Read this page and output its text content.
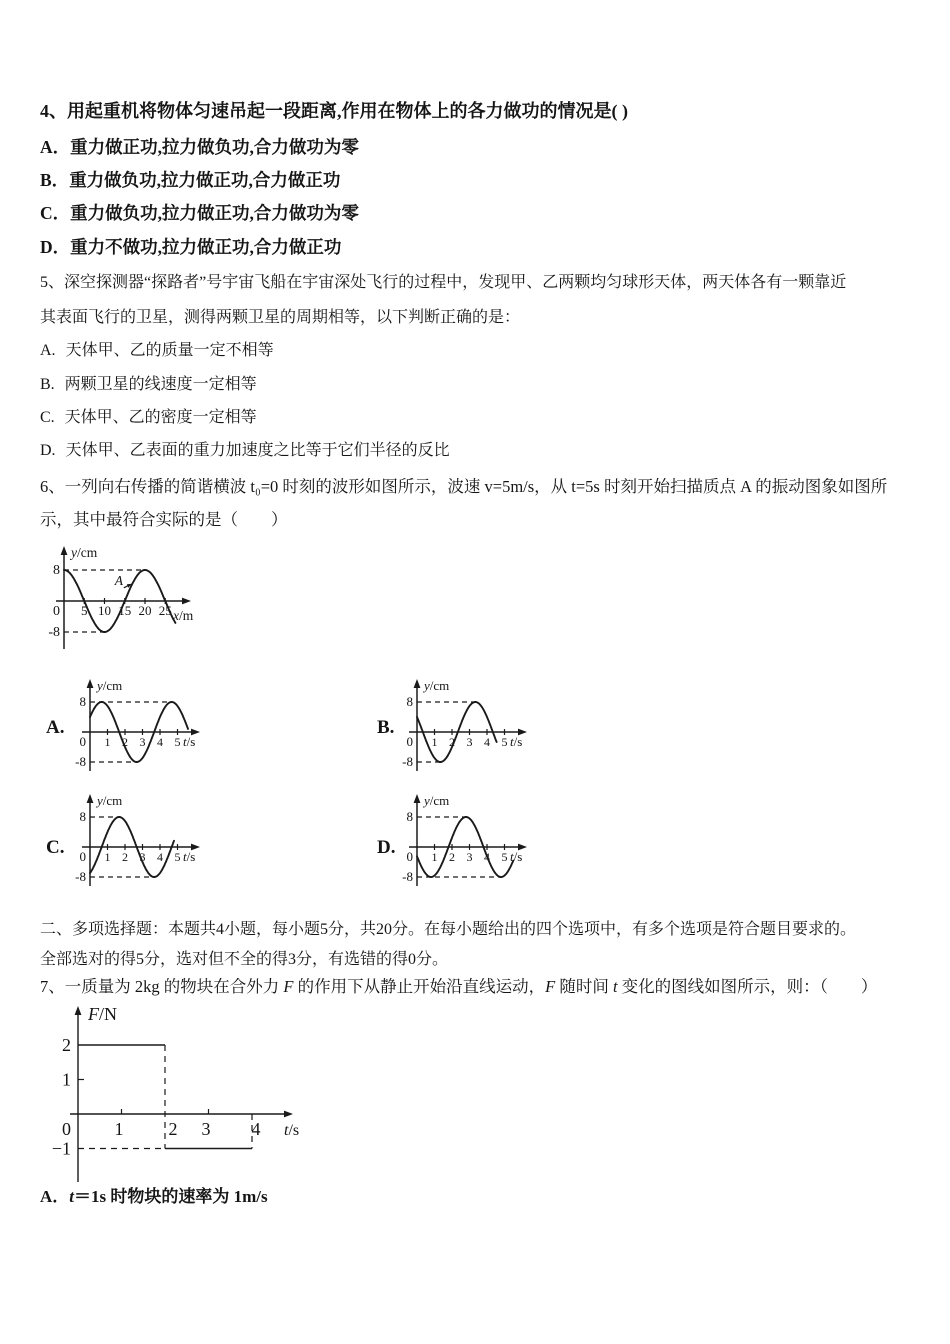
4、用起重机将物体匀速吊起一段距离,作用在物体上的各力做功的情况是( )
A．重力做正功,拉力做负功,合力做功为零
B．重力做负功,拉力做正功,合力做正功
C．重力做负功,拉力做正功,合力做功为零
D．重力不做功,拉力做正功,合力做正功
5、深空探测器“探路者”号宇宙飞船在宇宙深处飞行的过程中，发现甲、乙两颗均匀球形天体，两天体各有一颗靠近
其表面飞行的卫星，测得两颗卫星的周期相等，以下判断正确的是：
A. 天体甲、乙的质量一定不相等
B. 两颗卫星的线速度一定相等
C. 天体甲、乙的密度一定相等
D. 天体甲、乙表面的重力加速度之比等于它们半径的反比
6、一列向右传播的简谐横波 t₀=0 时刻的波形如图所示，波速 v=5m/s，从 t=5s 时刻开始扫描质点 A 的振动图象如图所
示，其中最符合实际的是（　　）
5 10 15 20 25
8
-8
0
y/cm
x/m
A
A.	B.
C.	D.
1 2 3 4 5
8
-8
0
y/cm
t/s	1 2 3 4 5
8
-8
0
y/cm
t/s
1 2 3 4 5
8
-8
0
y/cm
t/s	1 2 3 4 5
8
-8
0
y/cm
t/s
二、多项选择题：本题共4小题，每小题5分，共20分。在每小题给出的四个选项中，有多个选项是符合题目要求的。
全部选对的得5分，选对但不全的得3分，有选错的得0分。
7、一质量为 2kg 的物块在合外力 F 的作用下从静止开始沿直线运动，F 随时间 t 变化的图线如图所示，则：（　　）
2
1
−1
0 1	2 3 4
F/N
t/s
A．t＝1s 时物块的速率为 1m/s
